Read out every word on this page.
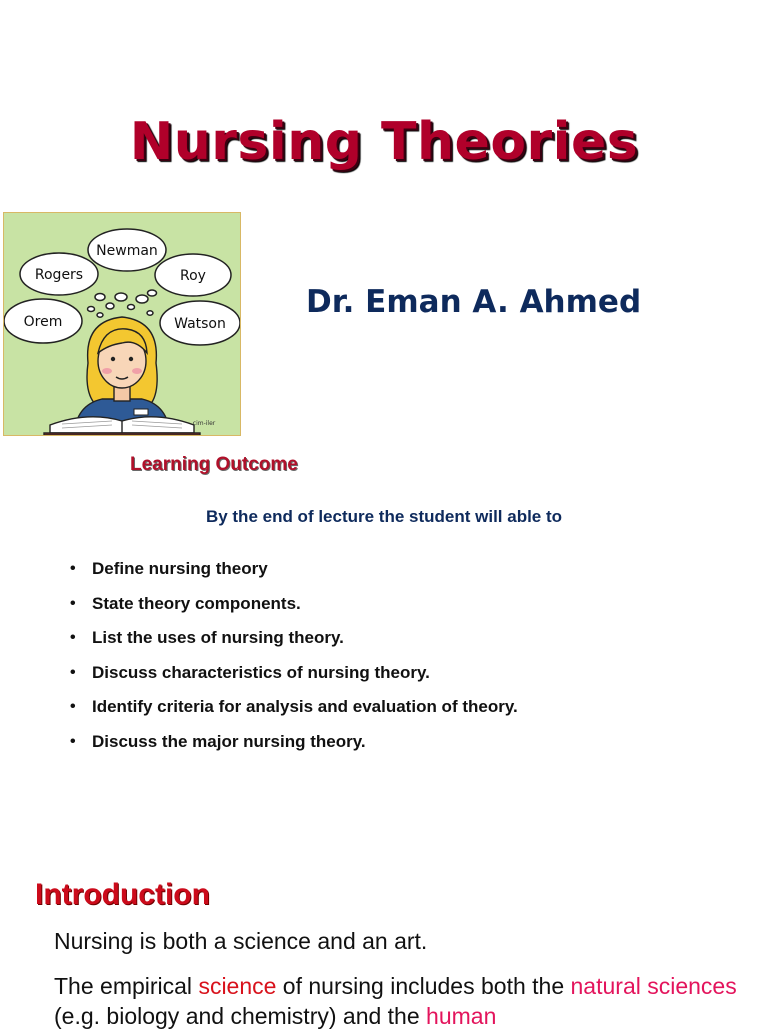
Nursing Theories
Newman
Rogers	Roy
Orem	Watson
cim-iler
Dr. Eman A. Ahmed
Learning Outcome

By the end of lecture the student will able to

• Define nursing theory
• State theory components.
• List the uses of nursing theory.
• Discuss characteristics of nursing theory.
• Identify criteria for analysis and evaluation of theory.
• Discuss the major nursing theory.
Introduction

Nursing is both a science and an art.

The empirical science of nursing includes both the natural sciences (e.g. biology and chemistry) and the human
